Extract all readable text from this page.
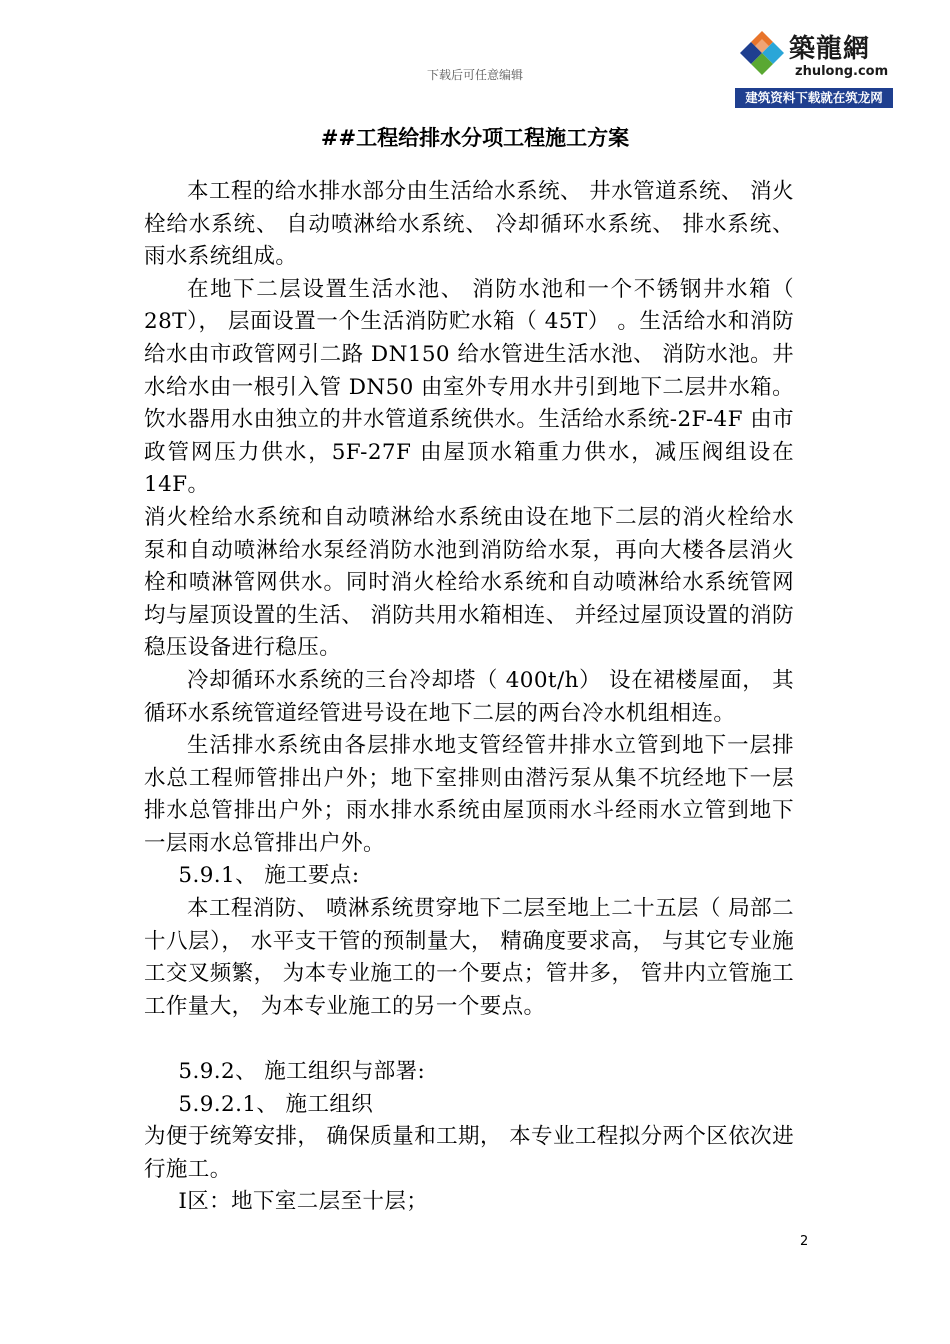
下载后可任意编辑
築龍網
zhulong.com
建筑资料下载就在筑龙网
##工程给排水分项工程施工方案

本工程的给水排水部分由生活给水系统、 井水管道系统、 消火栓给水系统、 自动喷淋给水系统、 冷却循环水系统、 排水系统、 雨水系统组成。

在地下二层设置生活水池、 消防水池和一个不锈钢井水箱（ 28T）， 层面设置一个生活消防贮水箱（ 45T） 。生活给水和消防给水由市政管网引二路 DN150 给水管进生活水池、 消防水池。井水给水由一根引入管 DN50 由室外专用水井引到地下二层井水箱。饮水器用水由独立的井水管道系统供水。生活给水系统-2F-4F 由市政管网压力供水，5F-27F 由屋顶水箱重力供水，减压阀组设在 14F。

消火栓给水系统和自动喷淋给水系统由设在地下二层的消火栓给水泵和自动喷淋给水泵经消防水池到消防给水泵，再向大楼各层消火栓和喷淋管网供水。同时消火栓给水系统和自动喷淋给水系统管网均与屋顶设置的生活、 消防共用水箱相连、 并经过屋顶设置的消防稳压设备进行稳压。

冷却循环水系统的三台冷却塔（ 400t/h） 设在裙楼屋面， 其循环水系统管道经管进号设在地下二层的两台冷水机组相连。

生活排水系统由各层排水地支管经管井排水立管到地下一层排水总工程师管排出户外；地下室排则由潜污泵从集不坑经地下一层排水总管排出户外；雨水排水系统由屋顶雨水斗经雨水立管到地下一层雨水总管排出户外。

5.9.1、 施工要点:

本工程消防、 喷淋系统贯穿地下二层至地上二十五层（ 局部二十八层）， 水平支干管的预制量大， 精确度要求高， 与其它专业施工交叉频繁， 为本专业施工的一个要点；管井多， 管井内立管施工工作量大， 为本专业施工的另一个要点。

5.9.2、 施工组织与部署:

5.9.2.1、 施工组织

为便于统筹安排， 确保质量和工期， 本专业工程拟分两个区依次进行施工。

Ⅰ区：地下室二层至十层；

2
